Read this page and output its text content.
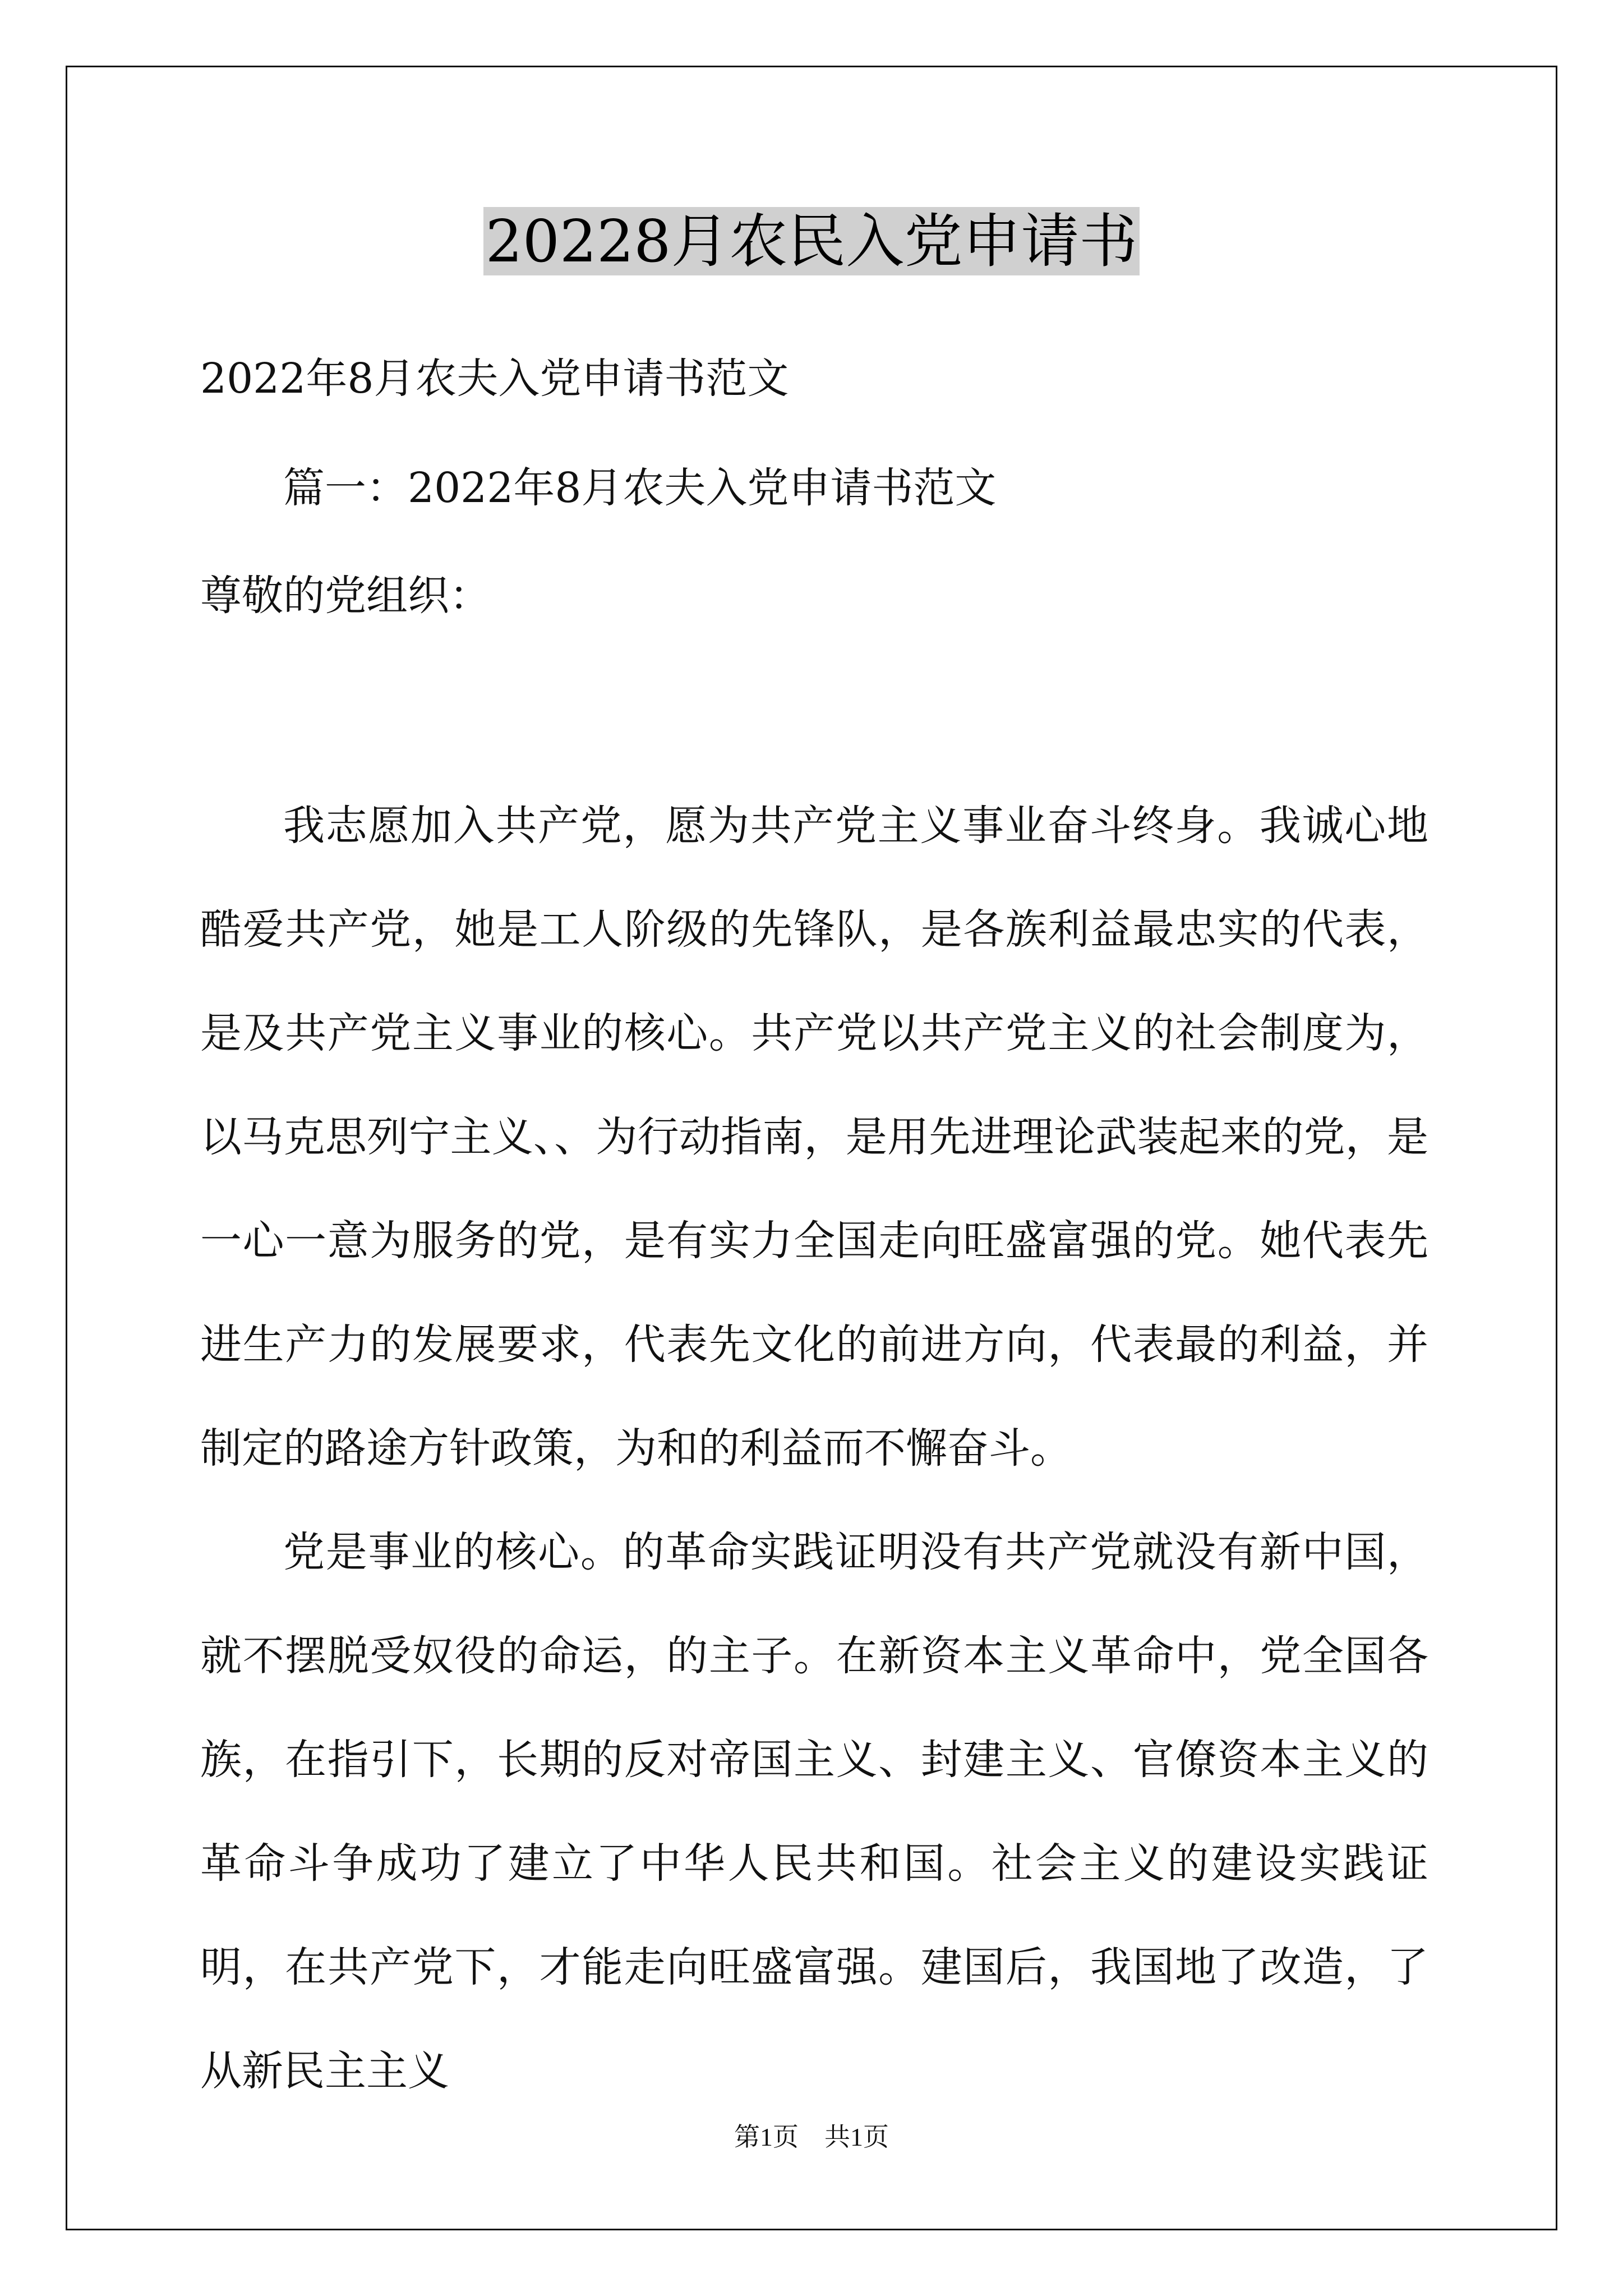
20228月农民入党申请书
2022年8月农夫入党申请书范文
篇一：2022年8月农夫入党申请书范文
尊敬的党组织：

我志愿加入共产党，愿为共产党主义事业奋斗终身。我诚心地酷爱共产党，她是工人阶级的先锋队，是各族利益最忠实的代表，是及共产党主义事业的核心。共产党以共产党主义的社会制度为，以马克思列宁主义、、为行动指南，是用先进理论武装起来的党，是一心一意为服务的党，是有实力全国走向旺盛富强的党。她代表先进生产力的发展要求，代表先文化的前进方向，代表最的利益，并制定的路途方针政策，为和的利益而不懈奋斗。

党是事业的核心。的革命实践证明没有共产党就没有新中国，就不摆脱受奴役的命运，的主子。在新资本主义革命中，党全国各族，在指引下，长期的反对帝国主义、封建主义、官僚资本主义的革命斗争成功了建立了中华人民共和国。社会主义的建设实践证明，在共产党下，才能走向旺盛富强。建国后，我国地了改造，了从新民主主义

第1页　共1页
